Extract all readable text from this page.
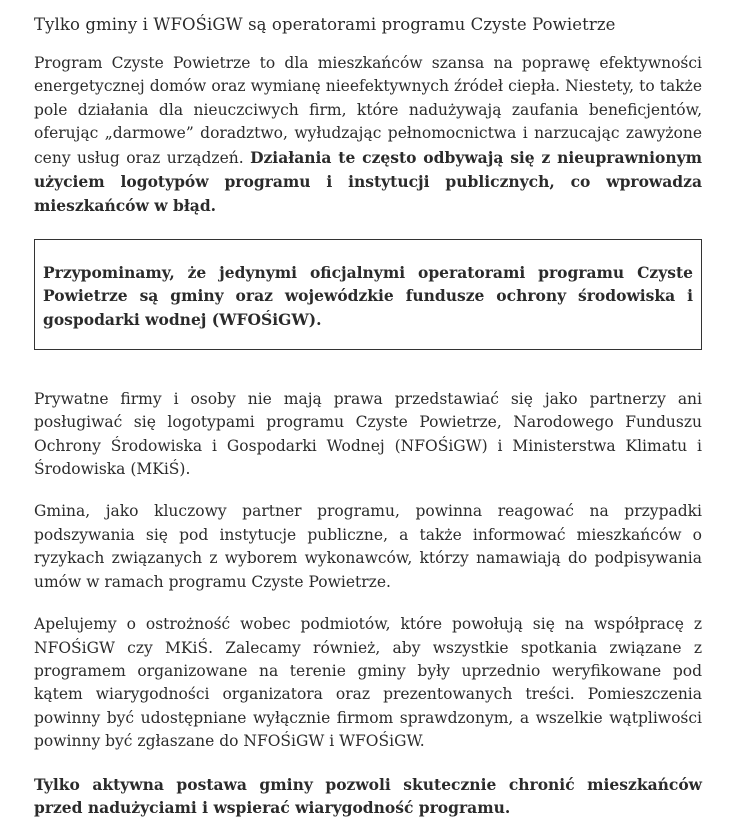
Tylko gminy i WFOŚiGW są operatorami programu Czyste Powietrze

Program Czyste Powietrze to dla mieszkańców szansa na poprawę efektywności energetycznej domów oraz wymianę nieefektywnych źródeł ciepła. Niestety, to także pole działania dla nieuczciwych firm, które nadużywają zaufania beneficjentów, oferując „darmowe” doradztwo, wyłudzając pełnomocnictwa i narzucając zawyżone ceny usług oraz urządzeń. Działania te często odbywają się z nieuprawnionym użyciem logotypów programu i instytucji publicznych, co wprowadza mieszkańców w błąd.

Przypominamy, że jedynymi oficjalnymi operatorami programu Czyste Powietrze są gminy oraz wojewódzkie fundusze ochrony środowiska i gospodarki wodnej (WFOŚiGW).

Prywatne firmy i osoby nie mają prawa przedstawiać się jako partnerzy ani posługiwać się logotypami programu Czyste Powietrze, Narodowego Funduszu Ochrony Środowiska i Gospodarki Wodnej (NFOŚiGW) i Ministerstwa Klimatu i Środowiska (MKiŚ).

Gmina, jako kluczowy partner programu, powinna reagować na przypadki podszywania się pod instytucje publiczne, a także informować mieszkańców o ryzykach związanych z wyborem wykonawców, którzy namawiają do podpisywania umów w ramach programu Czyste Powietrze.

Apelujemy o ostrożność wobec podmiotów, które powołują się na współpracę z NFOŚiGW czy MKiŚ. Zalecamy również, aby wszystkie spotkania związane z programem organizowane na terenie gminy były uprzednio weryfikowane pod kątem wiarygodności organizatora oraz prezentowanych treści. Pomieszczenia powinny być udostępniane wyłącznie firmom sprawdzonym, a wszelkie wątpliwości powinny być zgłaszane do NFOŚiGW i WFOŚiGW.

Tylko aktywna postawa gminy pozwoli skutecznie chronić mieszkańców przed nadużyciami i wspierać wiarygodność programu.
